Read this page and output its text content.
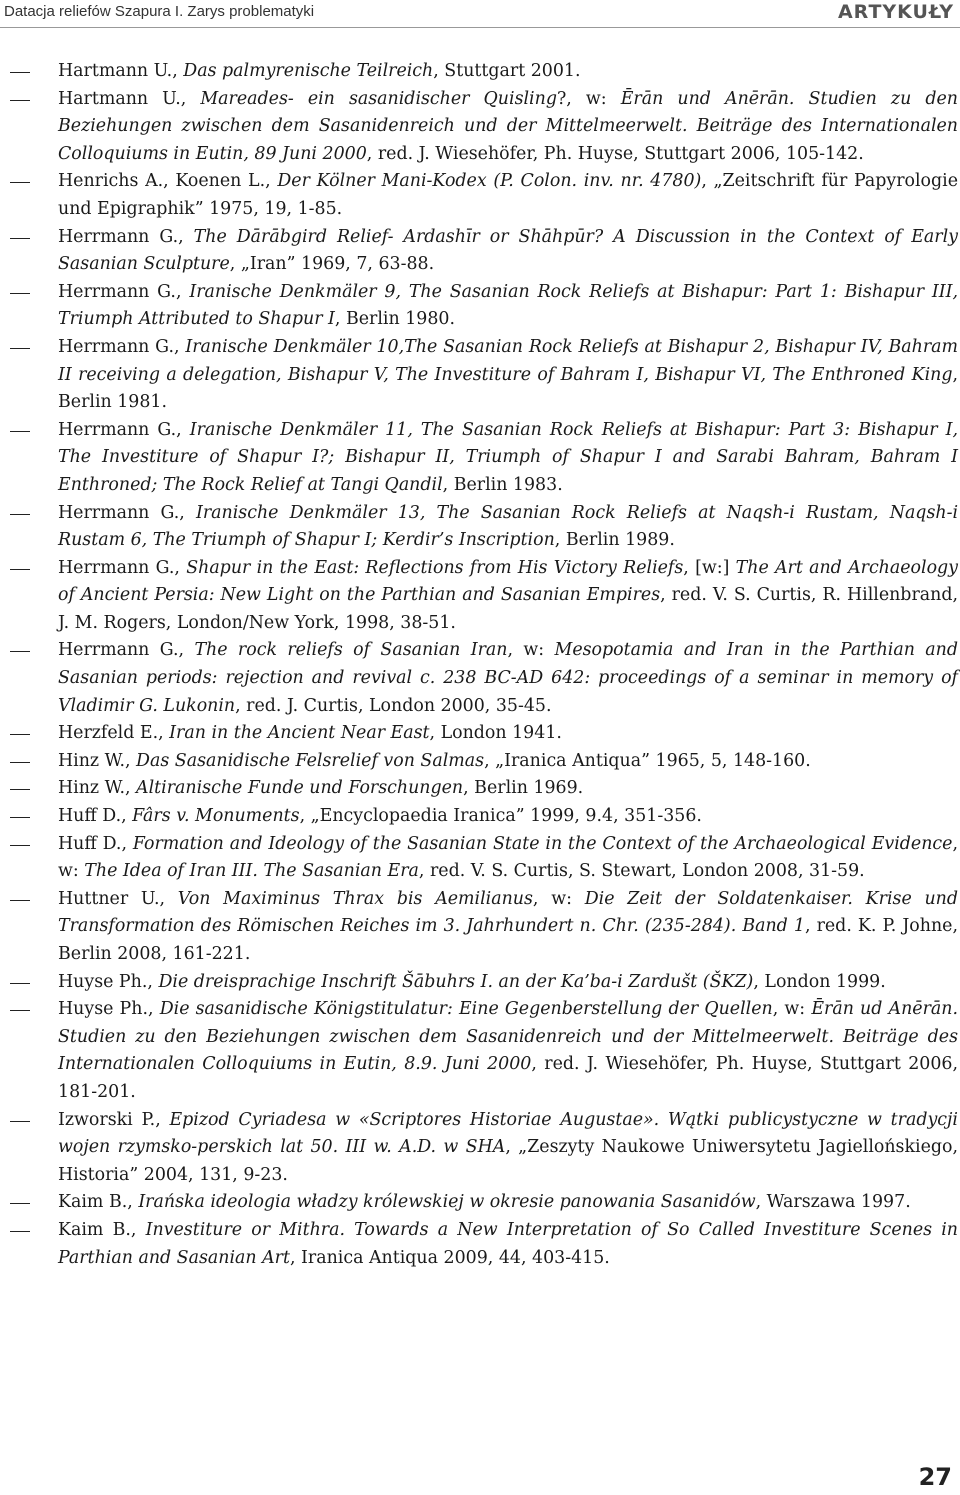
Datacja reliefów Szapura I. Zarys problematyki	ARTYKUŁY

Hartmann U., Das palmyrenische Teilreich, Stuttgart 2001.

Hartmann U., Mareades- ein sasanidischer Quisling?, w: Ērān und Anērān. Studien zu den Beziehungen zwischen dem Sasanidenreich und der Mittelmeerwelt. Beiträge des Internationalen Colloquiums in Eutin, 89 Juni 2000, red. J. Wiesehöfer, Ph. Huyse, Stuttgart 2006, 105-142.

Henrichs A., Koenen L., Der Kölner Mani-Kodex (P. Colon. inv. nr. 4780), „Zeitschrift für Papyrologie und Epigraphik” 1975, 19, 1-85.

Herrmann G., The Dārābgird Relief- Ardashīr or Shāhpūr? A Discussion in the Context of Early Sasanian Sculpture, „Iran” 1969, 7, 63-88.

Herrmann G., Iranische Denkmäler 9, The Sasanian Rock Reliefs at Bishapur: Part 1: Bishapur III, Triumph Attributed to Shapur I, Berlin 1980.

Herrmann G., Iranische Denkmäler 10,The Sasanian Rock Reliefs at Bishapur 2, Bishapur IV, Bahram II receiving a delegation, Bishapur V, The Investiture of Bahram I, Bishapur VI, The Enthroned King, Berlin 1981.

Herrmann G., Iranische Denkmäler 11, The Sasanian Rock Reliefs at Bishapur: Part 3: Bishapur I, The Investiture of Shapur I?; Bishapur II, Triumph of Shapur I and Sarabi Bahram, Bahram I Enthroned; The Rock Relief at Tangi Qandil, Berlin 1983.

Herrmann G., Iranische Denkmäler 13, The Sasanian Rock Reliefs at Naqsh-i Rustam, Naqsh-i Rustam 6, The Triumph of Shapur I; Kerdir’s Inscription, Berlin 1989.

Herrmann G., Shapur in the East: Reflections from His Victory Reliefs, [w:] The Art and Archaeology of Ancient Persia: New Light on the Parthian and Sasanian Empires, red. V. S. Curtis, R. Hillenbrand, J. M. Rogers, London/New York, 1998, 38-51.

Herrmann G., The rock reliefs of Sasanian Iran, w: Mesopotamia and Iran in the Parthian and Sasanian periods: rejection and revival c. 238 BC-AD 642: proceedings of a seminar in memory of Vladimir G. Lukonin, red. J. Curtis, London 2000, 35-45.

Herzfeld E., Iran in the Ancient Near East, London 1941.

Hinz W., Das Sasanidische Felsrelief von Salmas, „Iranica Antiqua” 1965, 5, 148-160.

Hinz W., Altiranische Funde und Forschungen, Berlin 1969.

Huff D., Fârs v. Monuments, „Encyclopaedia Iranica” 1999, 9.4, 351-356.

Huff D., Formation and Ideology of the Sasanian State in the Context of the Archaeological Evidence, w: The Idea of Iran III. The Sasanian Era, red. V. S. Curtis, S. Stewart, London 2008, 31-59.

Huttner U., Von Maximinus Thrax bis Aemilianus, w: Die Zeit der Soldatenkaiser. Krise und Transformation des Römischen Reiches im 3. Jahrhundert n. Chr. (235-284). Band 1, red. K. P. Johne, Berlin 2008, 161-221.

Huyse Ph., Die dreisprachige Inschrift Šābuhrs I. an der Ka’ba-i Zardušt (ŠKZ), London 1999.

Huyse Ph., Die sasanidische Königstitulatur: Eine Gegenberstellung der Quellen, w: Ērān ud Anērān. Studien zu den Beziehungen zwischen dem Sasanidenreich und der Mittelmeerwelt. Beiträge des Internationalen Colloquiums in Eutin, 8.9. Juni 2000, red. J. Wiesehöfer, Ph. Huyse, Stuttgart 2006, 181-201.

Izworski P., Epizod Cyriadesa w «Scriptores Historiae Augustae». Wątki publicystyczne w tradycji wojen rzymsko-perskich lat 50. III w. A.D. w SHA, „Zeszyty Naukowe Uniwersytetu Jagiellońskiego, Historia” 2004, 131, 9-23.

Kaim B., Irańska ideologia władzy królewskiej w okresie panowania Sasanidów, Warszawa 1997.

Kaim B., Investiture or Mithra. Towards a New Interpretation of So Called Investiture Scenes in Parthian and Sasanian Art, Iranica Antiqua 2009, 44, 403-415.

27
